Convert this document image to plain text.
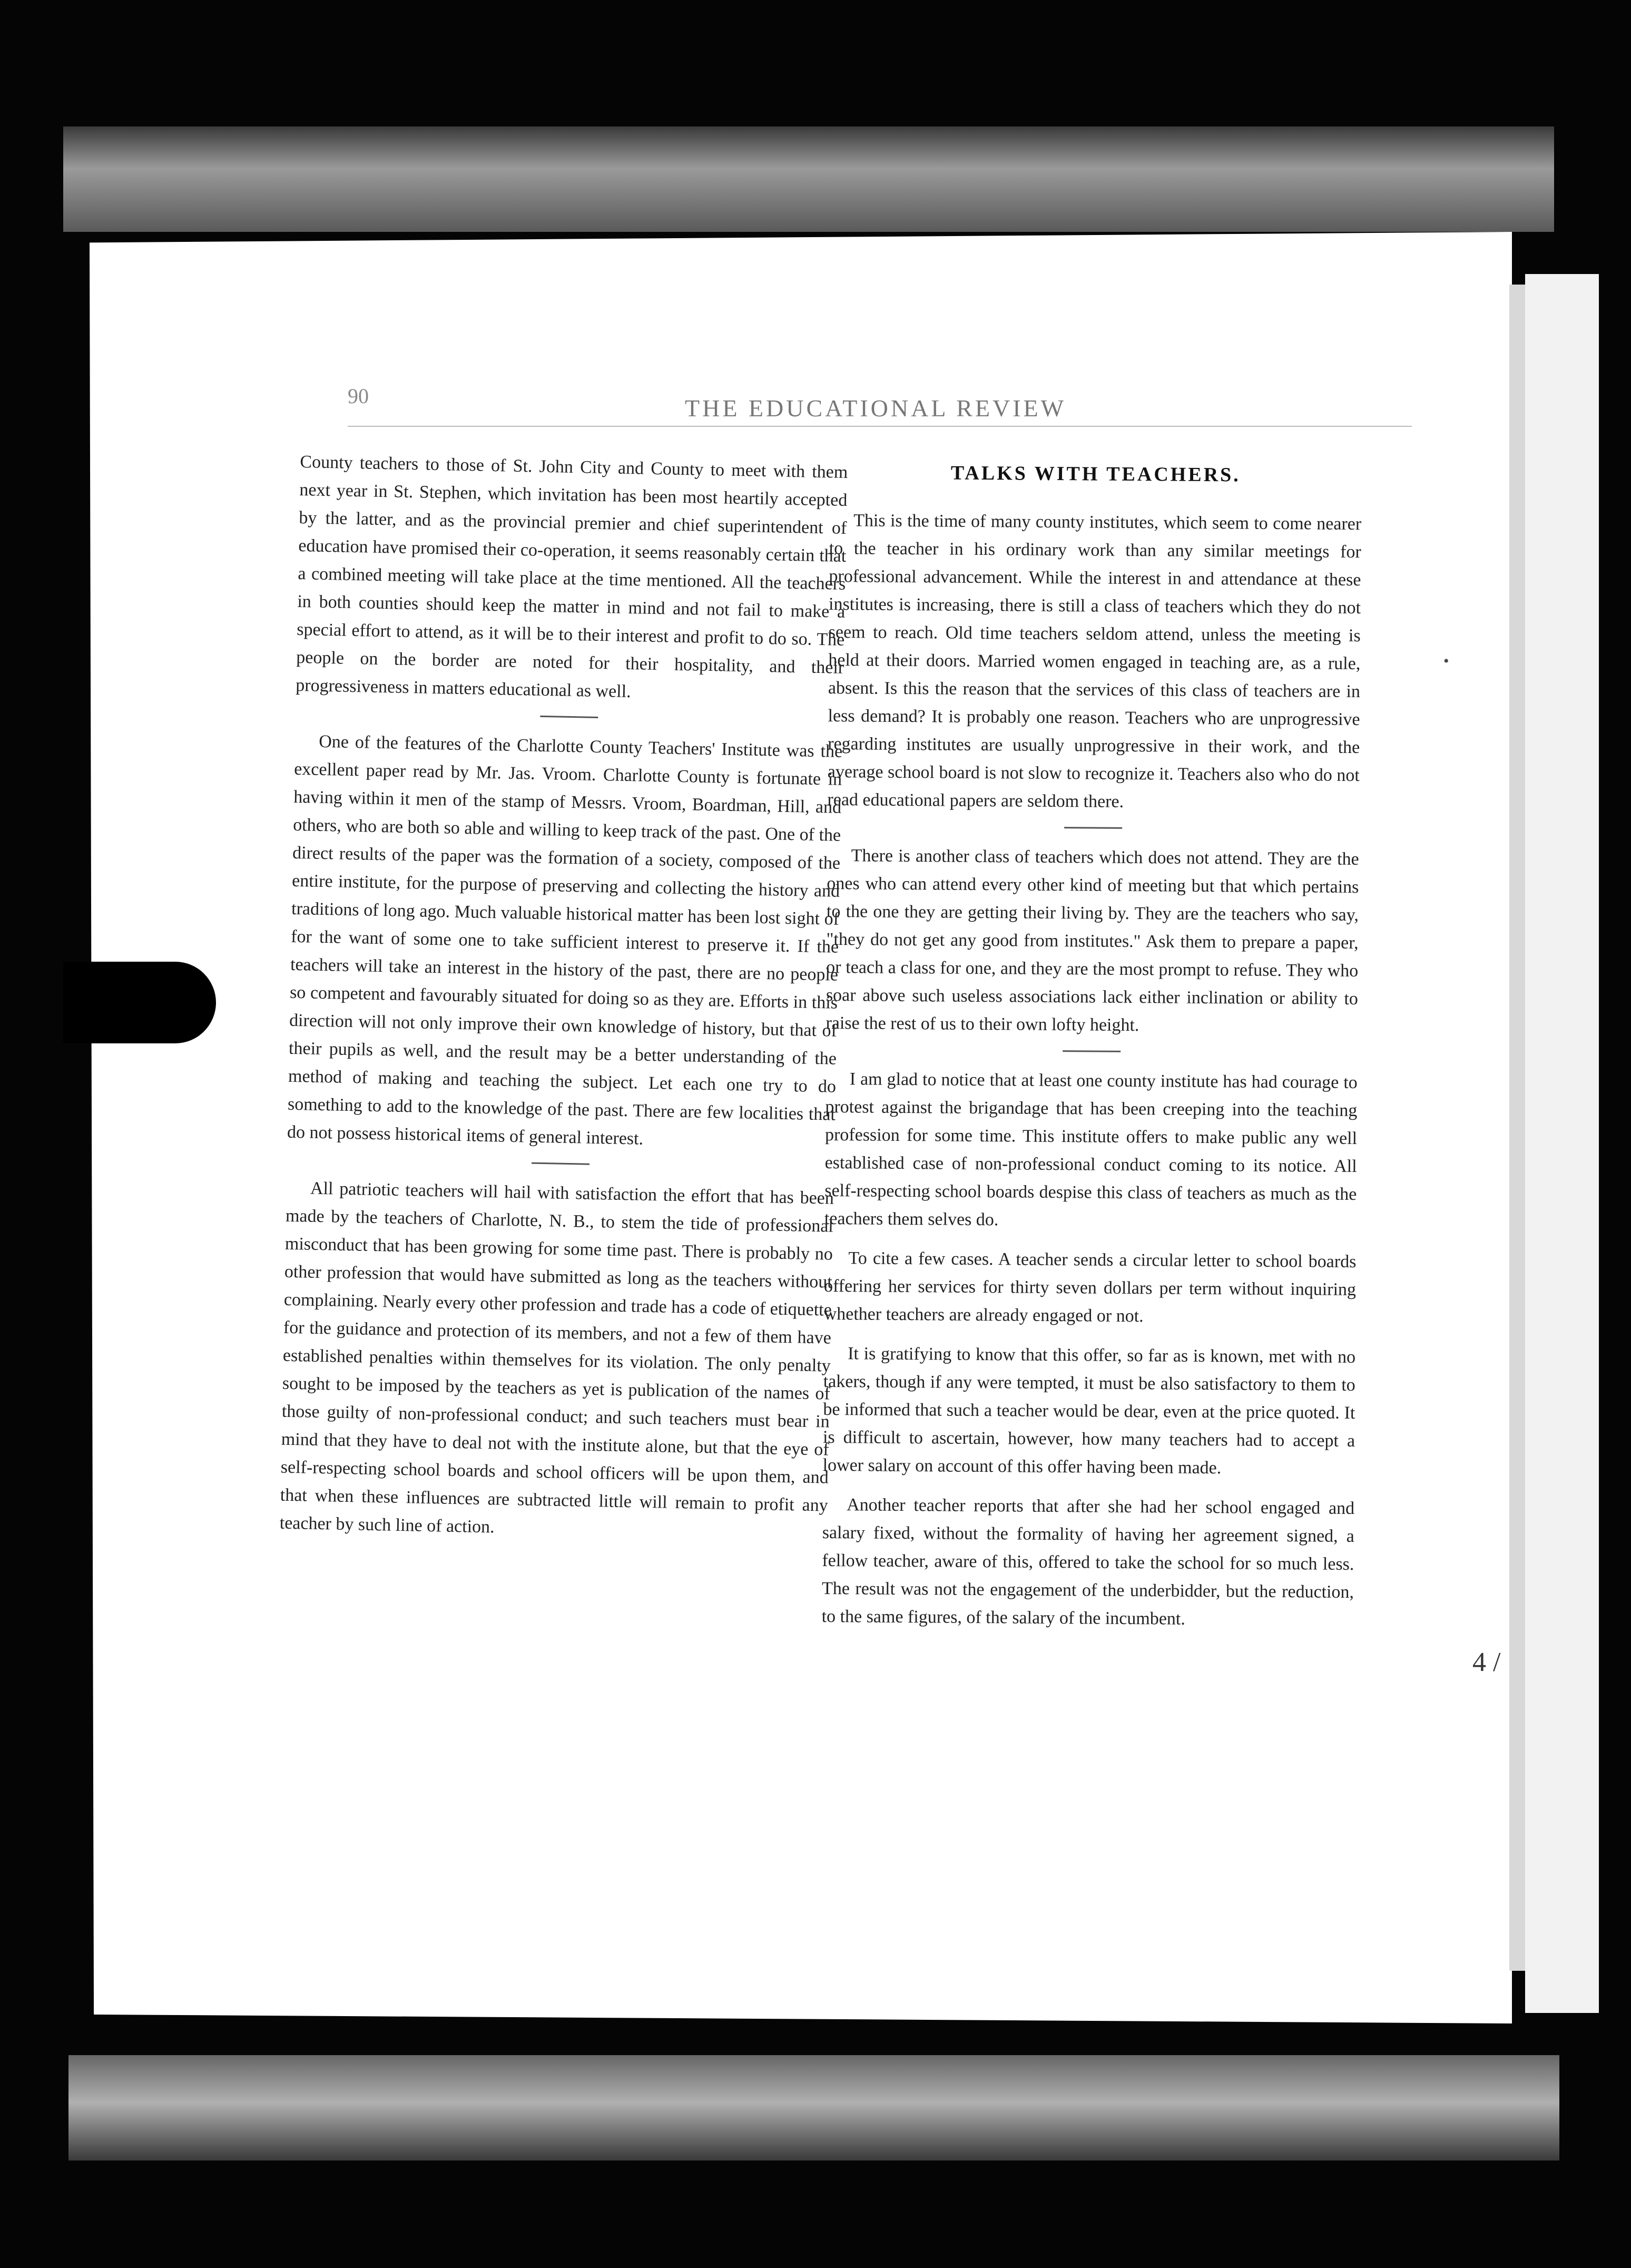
90	THE EDUCATIONAL REVIEW

County teachers to those of St. John City and County to meet with them next year in St. Stephen, which invitation has been most heartily accepted by the latter, and as the provincial premier and chief superintendent of education have promised their co-operation, it seems reasonably certain that a combined meeting will take place at the time mentioned. All the teachers in both counties should keep the matter in mind and not fail to make a special effort to attend, as it will be to their interest and profit to do so. The people on the border are noted for their hospitality, and their progressiveness in matters educational as well.

One of the features of the Charlotte County Teachers' Institute was the excellent paper read by Mr. Jas. Vroom. Charlotte County is fortunate in having within it men of the stamp of Messrs. Vroom, Boardman, Hill, and others, who are both so able and willing to keep track of the past. One of the direct results of the paper was the formation of a society, composed of the entire institute, for the purpose of preserving and collecting the history and traditions of long ago. Much valuable historical matter has been lost sight of for the want of some one to take sufficient interest to preserve it. If the teachers will take an interest in the history of the past, there are no people so competent and favourably situated for doing so as they are. Efforts in this direction will not only improve their own knowledge of history, but that of their pupils as well, and the result may be a better understanding of the method of making and teaching the subject. Let each one try to do something to add to the knowledge of the past. There are few localities that do not possess historical items of general interest.

All patriotic teachers will hail with satisfaction the effort that has been made by the teachers of Charlotte, N. B., to stem the tide of professional misconduct that has been growing for some time past. There is probably no other profession that would have submitted as long as the teachers without complaining. Nearly every other profession and trade has a code of etiquette for the guidance and protection of its members, and not a few of them have established penalties within themselves for its violation. The only penalty sought to be imposed by the teachers as yet is publication of the names of those guilty of non-professional conduct; and such teachers must bear in mind that they have to deal not with the institute alone, but that the eye of self-respecting school boards and school officers will be upon them, and that when these influences are subtracted little will remain to profit any teacher by such line of action.

TALKS WITH TEACHERS.

This is the time of many county institutes, which seem to come nearer to the teacher in his ordinary work than any similar meetings for professional advancement. While the interest in and attendance at these institutes is increasing, there is still a class of teachers which they do not seem to reach. Old time teachers seldom attend, unless the meeting is held at their doors. Married women engaged in teaching are, as a rule, absent. Is this the reason that the services of this class of teachers are in less demand? It is probably one reason. Teachers who are unprogressive regarding institutes are usually unprogressive in their work, and the average school board is not slow to recognize it. Teachers also who do not read educational papers are seldom there.

There is another class of teachers which does not attend. They are the ones who can attend every other kind of meeting but that which pertains to the one they are getting their living by. They are the teachers who say, "they do not get any good from institutes." Ask them to prepare a paper, or teach a class for one, and they are the most prompt to refuse. They who soar above such useless associations lack either inclination or ability to raise the rest of us to their own lofty height.

I am glad to notice that at least one county institute has had courage to protest against the brigandage that has been creeping into the teaching profession for some time. This institute offers to make public any well established case of non-professional conduct coming to its notice. All self-respecting school boards despise this class of teachers as much as the teachers them selves do.

To cite a few cases. A teacher sends a circular letter to school boards offering her services for thirty seven dollars per term without inquiring whether teachers are already engaged or not.

It is gratifying to know that this offer, so far as is known, met with no takers, though if any were tempted, it must be also satisfactory to them to be informed that such a teacher would be dear, even at the price quoted. It is difficult to ascertain, however, how many teachers had to accept a lower salary on account of this offer having been made.

Another teacher reports that after she had her school engaged and salary fixed, without the formality of having her agreement signed, a fellow teacher, aware of this, offered to take the school for so much less. The result was not the engagement of the underbidder, but the reduction, to the same figures, of the salary of the incumbent.

•
4 /
